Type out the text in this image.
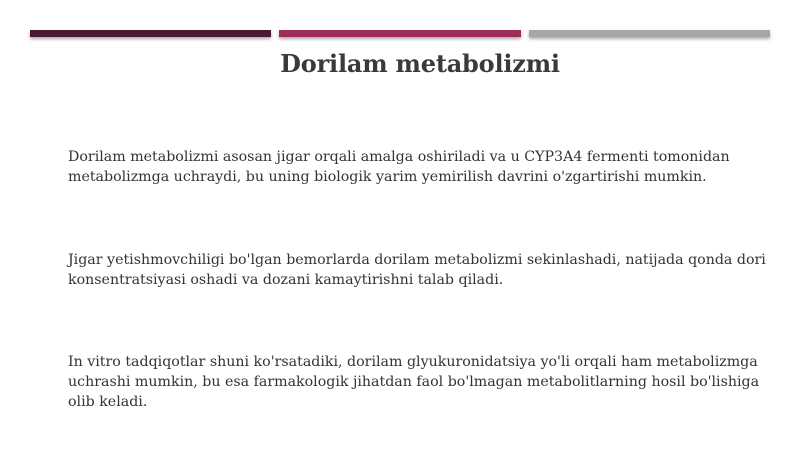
Dorilam metabolizmi

Dorilam metabolizmi asosan jigar orqali amalga oshiriladi va u CYP3A4 fermenti tomonidan metabolizmga uchraydi, bu uning biologik yarim yemirilish davrini o'zgartirishi mumkin.

Jigar yetishmovchiligi bo'lgan bemorlarda dorilam metabolizmi sekinlashadi, natijada qonda dori konsentratsiyasi oshadi va dozani kamaytirishni talab qiladi.

In vitro tadqiqotlar shuni ko'rsatadiki, dorilam glyukuronidatsiya yo'li orqali ham metabolizmga uchrashi mumkin, bu esa farmakologik jihatdan faol bo'lmagan metabolitlarning hosil bo'lishiga olib keladi.
